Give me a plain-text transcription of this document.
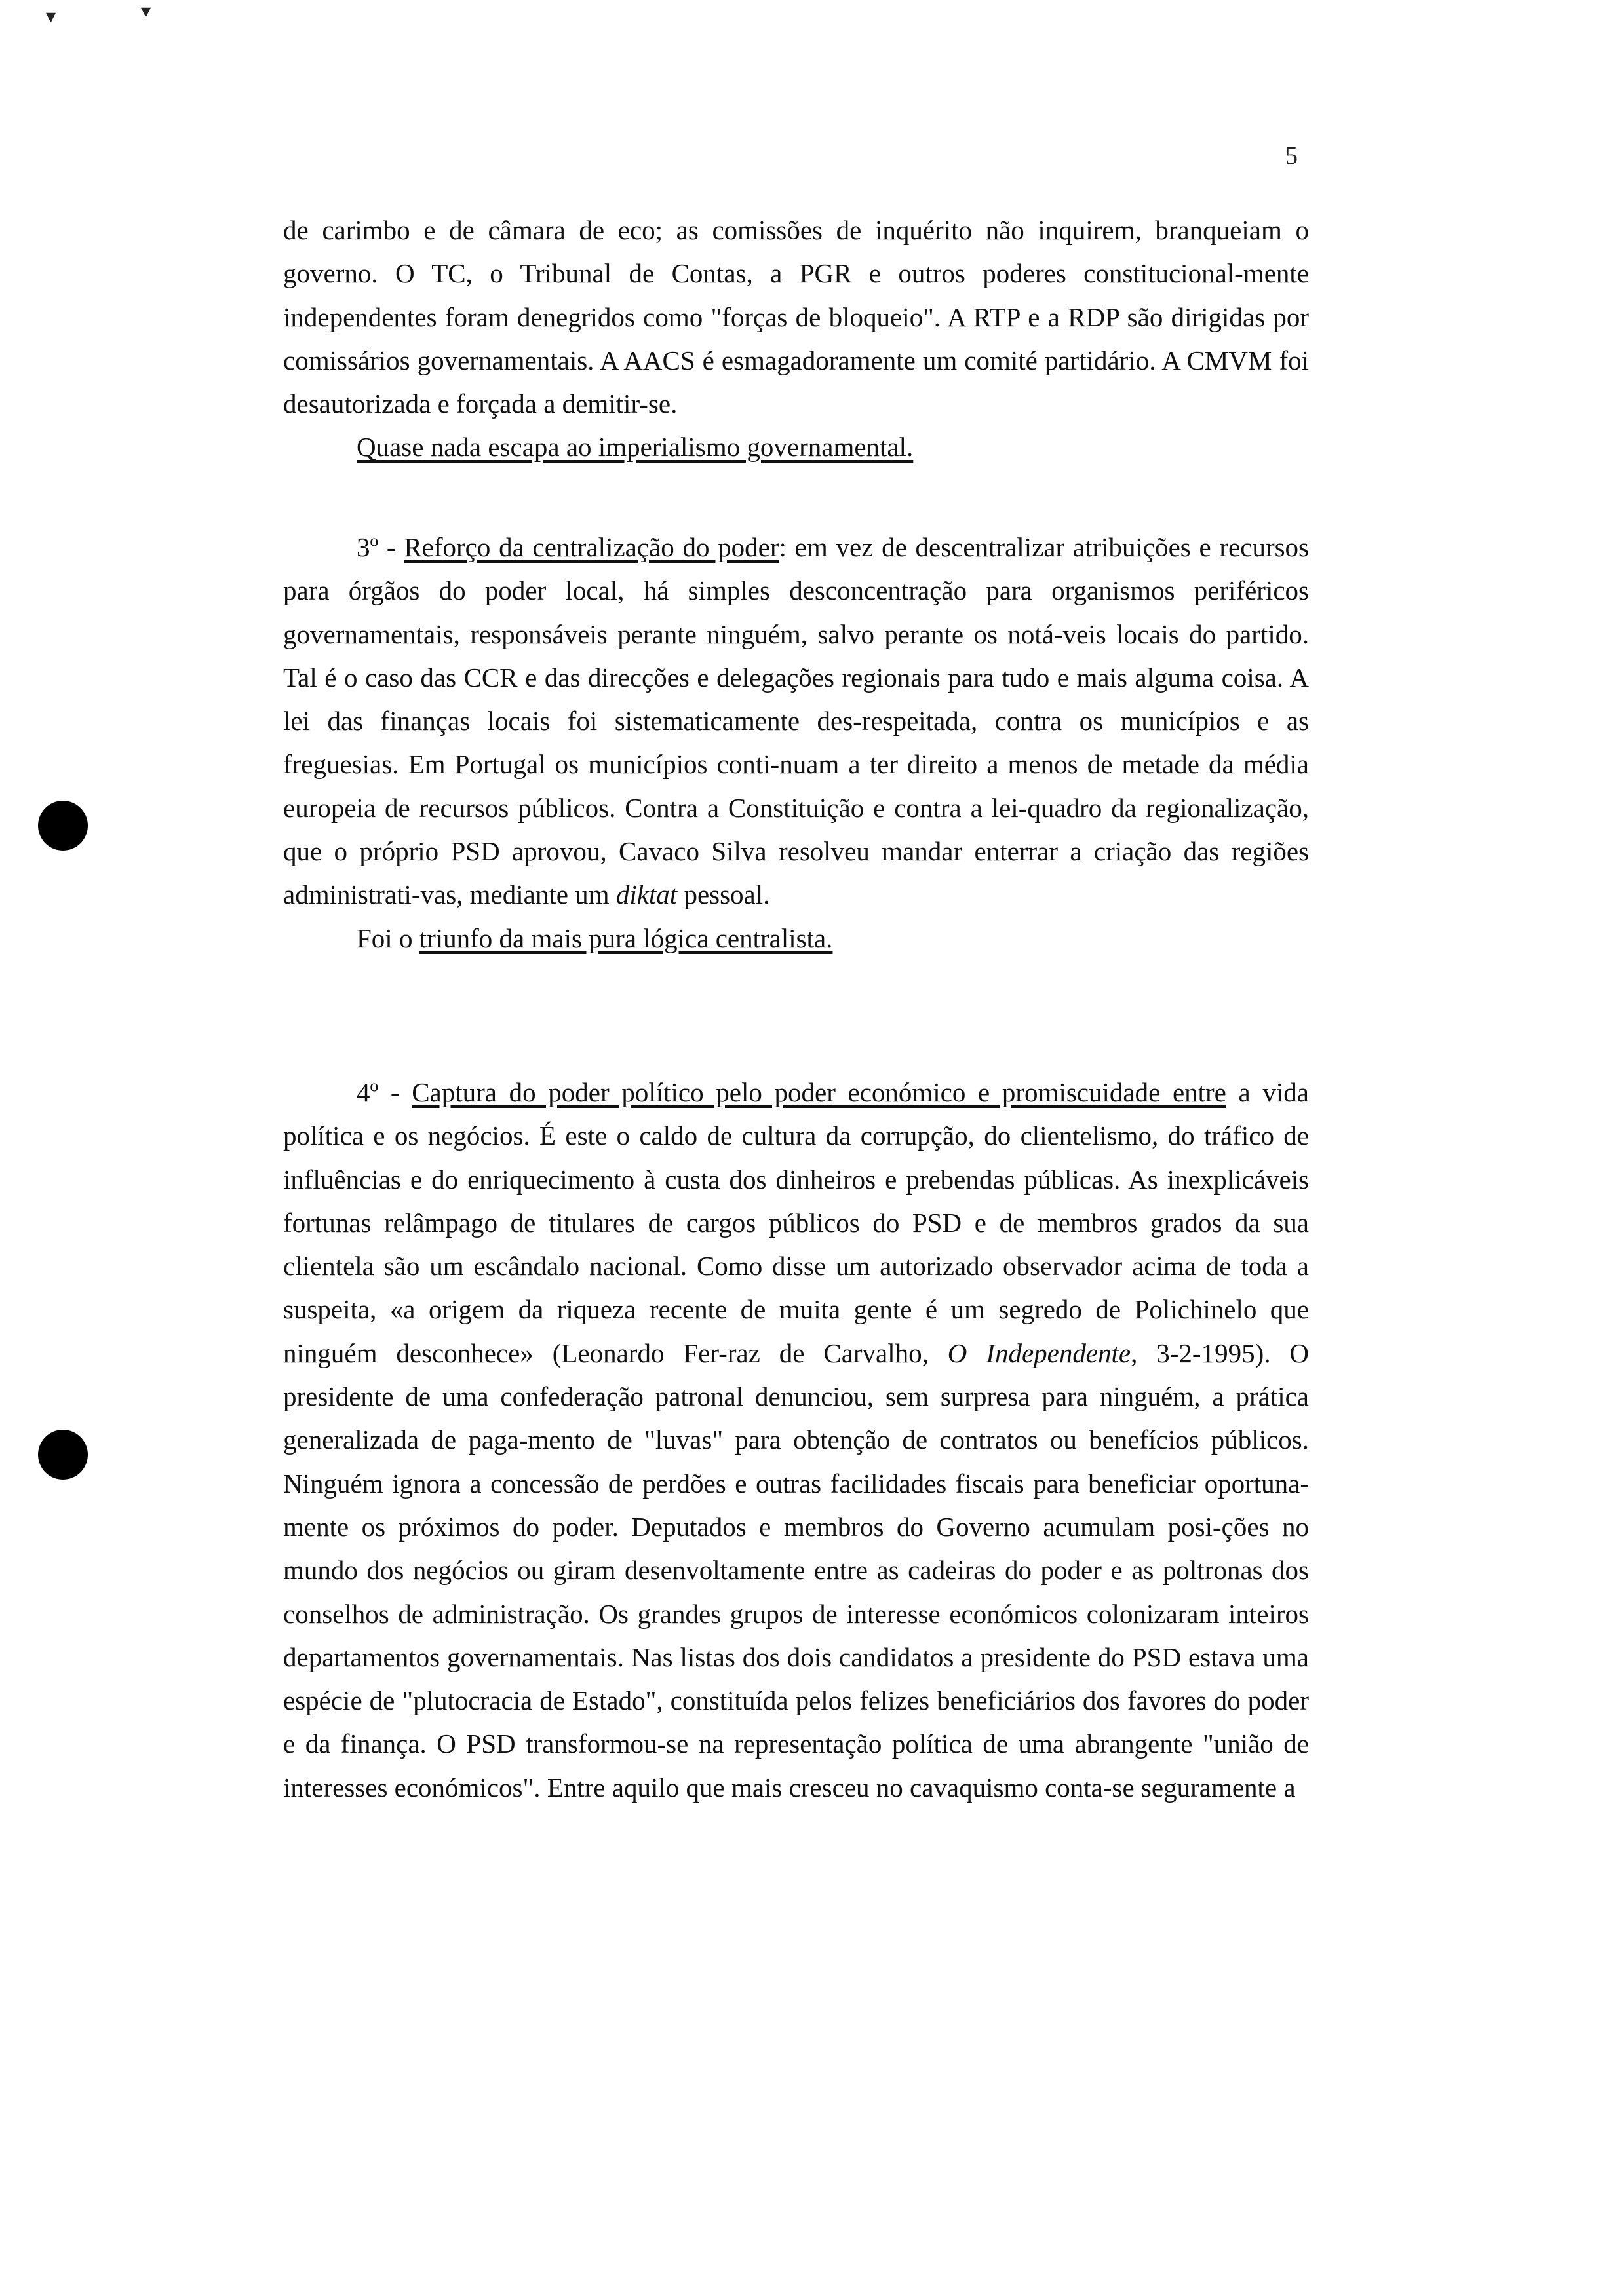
▾	▾
5

de carimbo e de câmara de eco; as comissões de inquérito não inquirem, branqueiam o governo. O TC, o Tribunal de Contas, a PGR e outros poderes constitucional-mente independentes foram denegridos como "forças de bloqueio". A RTP e a RDP são dirigidas por comissários governamentais. A AACS é esmagadoramente um comité partidário. A CMVM foi desautorizada e forçada a demitir-se.

Quase nada escapa ao imperialismo governamental.

3º - Reforço da centralização do poder: em vez de descentralizar atribuições e recursos para órgãos do poder local, há simples desconcentração para organismos periféricos governamentais, responsáveis perante ninguém, salvo perante os notá-veis locais do partido. Tal é o caso das CCR e das direcções e delegações regionais para tudo e mais alguma coisa. A lei das finanças locais foi sistematicamente des-respeitada, contra os municípios e as freguesias. Em Portugal os municípios conti-nuam a ter direito a menos de metade da média europeia de recursos públicos. Contra a Constituição e contra a lei-quadro da regionalização, que o próprio PSD aprovou, Cavaco Silva resolveu mandar enterrar a criação das regiões administrati-vas, mediante um diktat pessoal.

Foi o triunfo da mais pura lógica centralista.

4º - Captura do poder político pelo poder económico e promiscuidade entre a vida política e os negócios. É este o caldo de cultura da corrupção, do clientelismo, do tráfico de influências e do enriquecimento à custa dos dinheiros e prebendas públicas. As inexplicáveis fortunas relâmpago de titulares de cargos públicos do PSD e de membros grados da sua clientela são um escândalo nacional. Como disse um autorizado observador acima de toda a suspeita, «a origem da riqueza recente de muita gente é um segredo de Polichinelo que ninguém desconhece» (Leonardo Fer-raz de Carvalho, O Independente, 3-2-1995). O presidente de uma confederação patronal denunciou, sem surpresa para ninguém, a prática generalizada de paga-mento de "luvas" para obtenção de contratos ou benefícios públicos. Ninguém ignora a concessão de perdões e outras facilidades fiscais para beneficiar oportuna-mente os próximos do poder. Deputados e membros do Governo acumulam posi-ções no mundo dos negócios ou giram desenvoltamente entre as cadeiras do poder e as poltronas dos conselhos de administração. Os grandes grupos de interesse económicos colonizaram inteiros departamentos governamentais. Nas listas dos dois candidatos a presidente do PSD estava uma espécie de "plutocracia de Estado", constituída pelos felizes beneficiários dos favores do poder e da finança. O PSD transformou-se na representação política de uma abrangente "união de interesses económicos". Entre aquilo que mais cresceu no cavaquismo conta-se seguramente a
